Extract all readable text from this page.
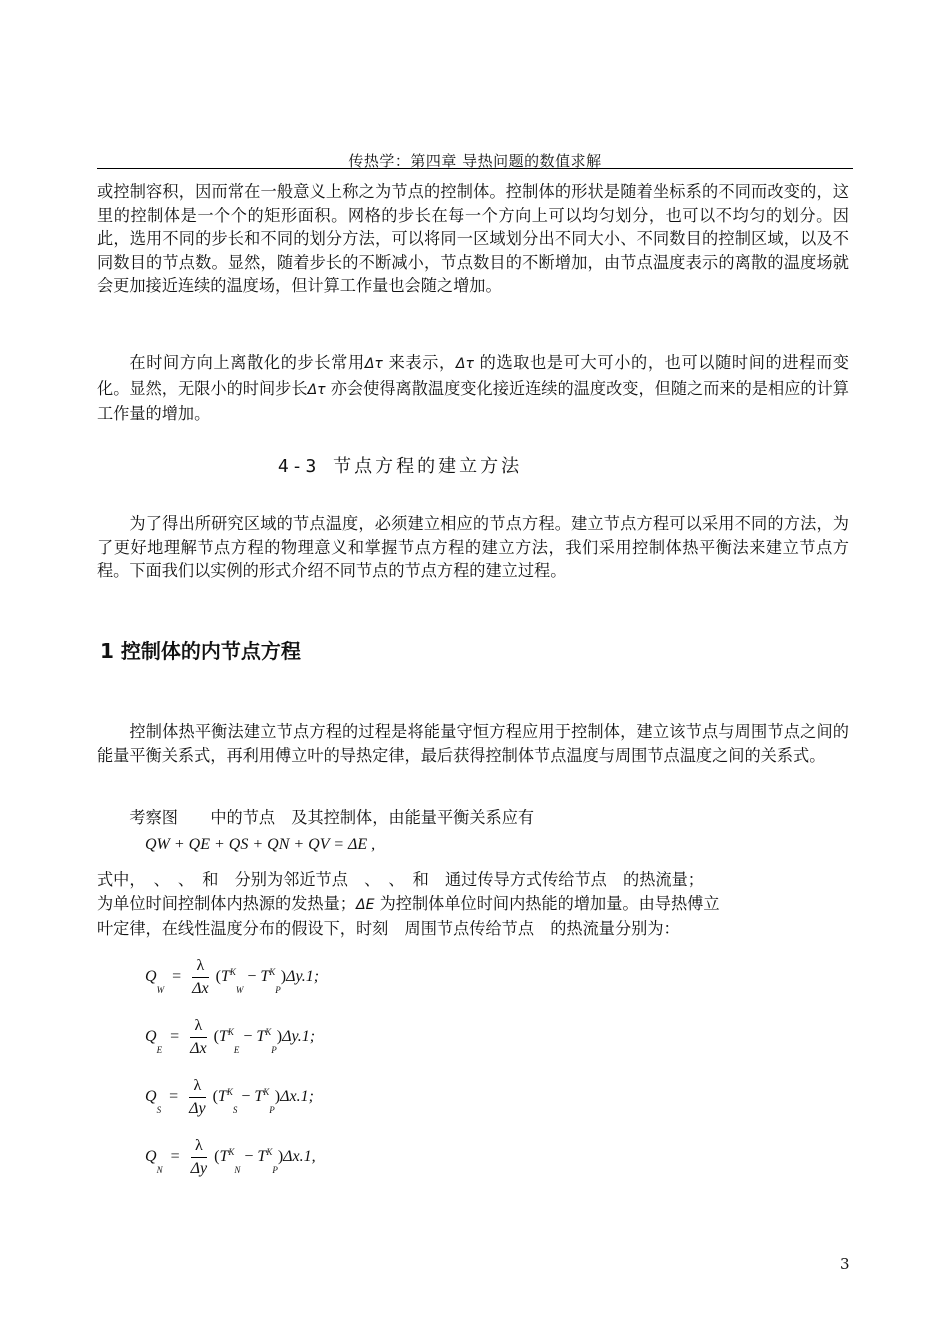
传热学：第四章 导热问题的数值求解
或控制容积，因而常在一般意义上称之为节点的控制体。控制体的形状是随着坐标系的不同而改变的，这里的控制体是一个个的矩形面积。网格的步长在每一个方向上可以均匀划分，也可以不均匀的划分。因此，选用不同的步长和不同的划分方法，可以将同一区域划分出不同大小、不同数目的控制区域，以及不同数目的节点数。显然，随着步长的不断减小，节点数目的不断增加，由节点温度表示的离散的温度场就会更加接近连续的温度场，但计算工作量也会随之增加。
在时间方向上离散化的步长常用Δτ 来表示，Δτ 的选取也是可大可小的，也可以随时间的进程而变化。显然，无限小的时间步长Δτ 亦会使得离散温度变化接近连续的温度改变，但随之而来的是相应的计算工作量的增加。
4-3 节点方程的建立方法
为了得出所研究区域的节点温度，必须建立相应的节点方程。建立节点方程可以采用不同的方法，为了更好地理解节点方程的物理意义和掌握节点方程的建立方法，我们采用控制体热平衡法来建立节点方程。下面我们以实例的形式介绍不同节点的节点方程的建立过程。
1 控制体的内节点方程
控制体热平衡法建立节点方程的过程是将能量守恒方程应用于控制体，建立该节点与周围节点之间的能量平衡关系式，再利用傅立叶的导热定律，最后获得控制体节点温度与周围节点温度之间的关系式。
考察图　　中的节点　及其控制体，由能量平衡关系应有
QW + QE + QS + QN + QV = ΔE ,
式中，　、　、　和　分别为邻近节点　、　、　和　通过传导方式传给节点　的热流量；
为单位时间控制体内热源的发热量；ΔE 为控制体单位时间内热能的增加量。由导热傅立
叶定律，在线性温度分布的假设下，时刻　周围节点传给节点　的热流量分别为：
$Q_W = \frac{\lambda}{\Delta x} (T^K_W - T^K_P)\Delta y.1$;
$Q_E = \frac{\lambda}{\Delta x} (T^K_E - T^K_P)\Delta y.1$;
$Q_S = \frac{\lambda}{\Delta y} (T^K_S - T^K_P)\Delta x.1$;
$Q_N = \frac{\lambda}{\Delta y} (T^K_N - T^K_P)\Delta x.1$,
3
